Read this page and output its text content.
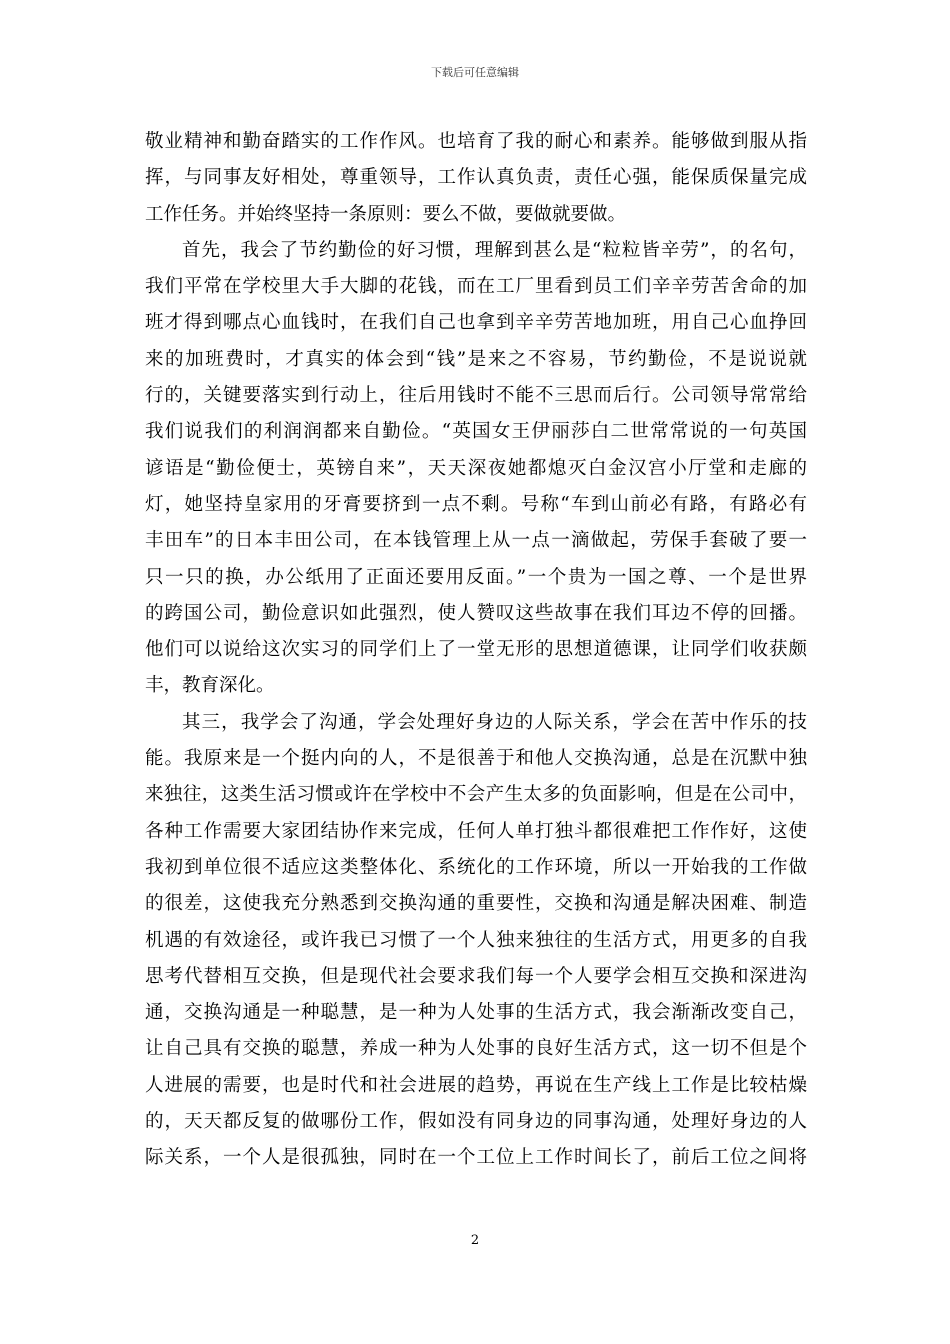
下载后可任意编辑
敬业精神和勤奋踏实的工作作风。也培育了我的耐心和素养。能够做到服从指
挥，与同事友好相处，尊重领导，工作认真负责，责任心强，能保质保量完成
工作任务。并始终坚持一条原则：要么不做，要做就要做。
首先，我会了节约勤俭的好习惯，理解到甚么是“粒粒皆辛劳”，的名句，
我们平常在学校里大手大脚的花钱，而在工厂里看到员工们辛辛劳苦舍命的加
班才得到哪点心血钱时，在我们自己也拿到辛辛劳苦地加班，用自己心血挣回
来的加班费时，才真实的体会到“钱”是来之不容易，节约勤俭，不是说说就
行的，关键要落实到行动上，往后用钱时不能不三思而后行。公司领导常常给
我们说我们的利润润都来自勤俭。“英国女王伊丽莎白二世常常说的一句英国
谚语是“勤俭便士，英镑自来”，天天深夜她都熄灭白金汉宫小厅堂和走廊的
灯，她坚持皇家用的牙膏要挤到一点不剩。号称“车到山前必有路，有路必有
丰田车”的日本丰田公司，在本钱管理上从一点一滴做起，劳保手套破了要一
只一只的换，办公纸用了正面还要用反面。”一个贵为一国之尊、一个是世界
的跨国公司，勤俭意识如此强烈，使人赞叹这些故事在我们耳边不停的回播。
他们可以说给这次实习的同学们上了一堂无形的思想道德课，让同学们收获颇
丰，教育深化。
其三，我学会了沟通，学会处理好身边的人际关系，学会在苦中作乐的技
能。我原来是一个挺内向的人，不是很善于和他人交换沟通，总是在沉默中独
来独往，这类生活习惯或许在学校中不会产生太多的负面影响，但是在公司中，
各种工作需要大家团结协作来完成，任何人单打独斗都很难把工作作好，这使
我初到单位很不适应这类整体化、系统化的工作环境，所以一开始我的工作做
的很差，这使我充分熟悉到交换沟通的重要性，交换和沟通是解决困难、制造
机遇的有效途径，或许我已习惯了一个人独来独往的生活方式，用更多的自我
思考代替相互交换，但是现代社会要求我们每一个人要学会相互交换和深进沟
通，交换沟通是一种聪慧，是一种为人处事的生活方式，我会渐渐改变自己，
让自己具有交换的聪慧，养成一种为人处事的良好生活方式，这一切不但是个
人进展的需要，也是时代和社会进展的趋势，再说在生产线上工作是比较枯燥
的，天天都反复的做哪份工作，假如没有同身边的同事沟通，处理好身边的人
际关系，一个人是很孤独，同时在一个工位上工作时间长了，前后工位之间将
2
